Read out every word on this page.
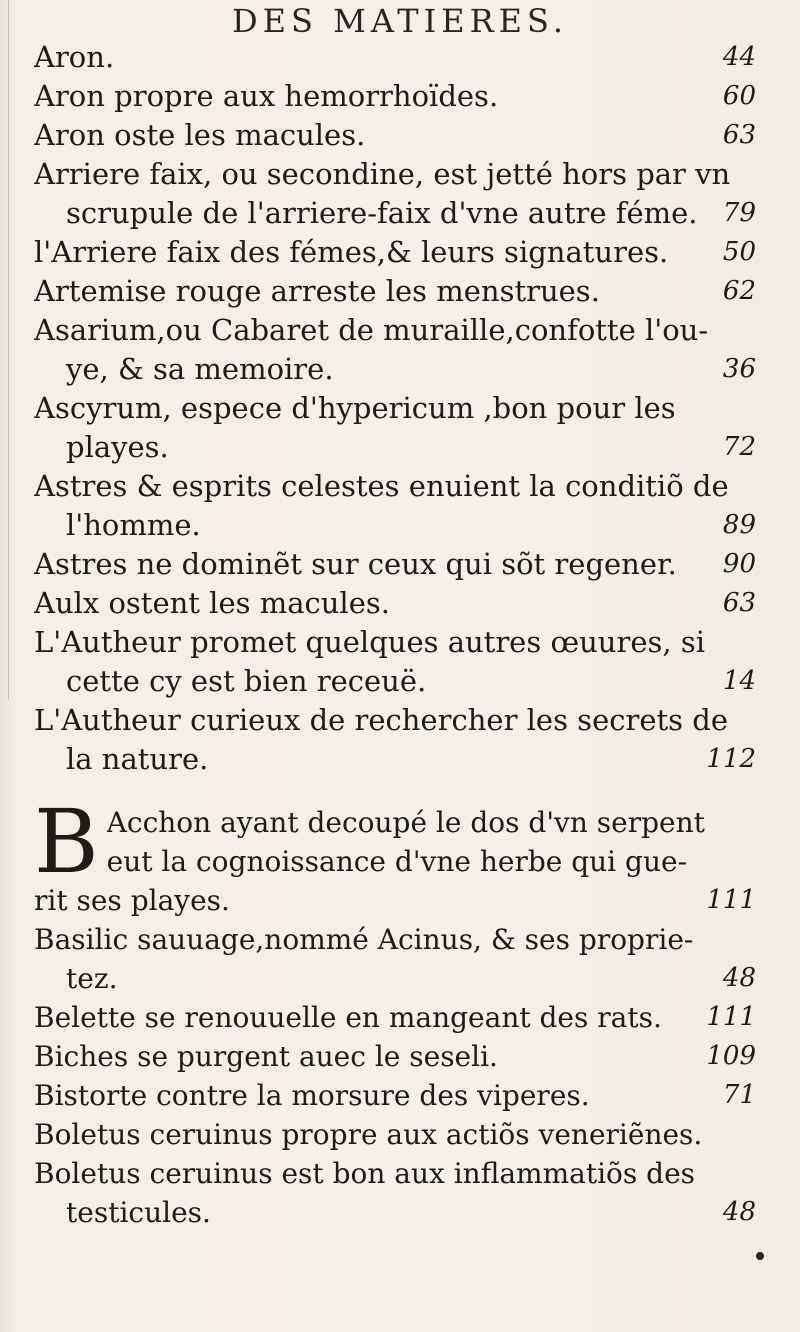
DES MATIERES.
Aron.	44
Aron propre aux hemorrhoïdes.	60
Aron oste les macules.	63
Arriere faix, ou secondine, est jetté hors par vn
scrupule de l'arriere-faix d'vne autre féme. 79
l'Arriere faix des fémes,& leurs signatures.	50
Artemise rouge arreste les menstrues.	62
Asarium,ou Cabaret de muraille,confotte l'ou-
ye, & sa memoire.	36
Ascyrum, espece d'hypericum ,bon pour les
playes.	72
Astres & esprits celestes enuient la conditiõ de
l'homme.	89
Astres ne dominẽt sur ceux qui sõt regener.	90
Aulx ostent les macules.	63
L'Autheur promet quelques autres œuures, si
cette cy est bien receuë.	14
L'Autheur curieux de rechercher les secrets de
la nature.	112
B Acchon ayant decoupé le dos d'vn serpent
eut la cognoissance d'vne herbe qui gue-
rit ses playes.	111
Basilic sauuage,nommé Acinus, & ses proprie-
tez.	48
Belette se renouuelle en mangeant des rats.	111
Biches se purgent auec le seseli.	109
Bistorte contre la morsure des viperes.	71
Boletus ceruinus propre aux actiõs veneriẽnes.
Boletus ceruinus est bon aux inflammatiõs des
testicules.	48
